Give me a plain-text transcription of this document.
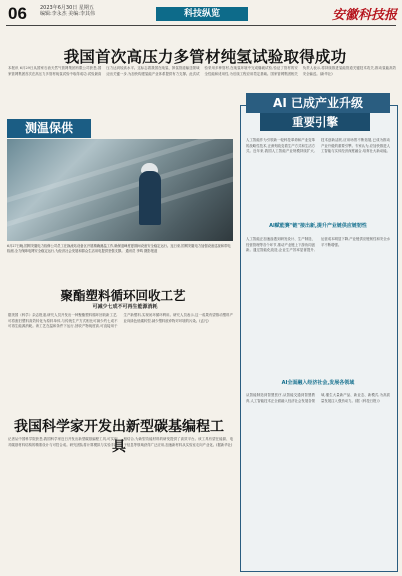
06	2023年6月30日 星期五
编辑:李永杰 美编:李其伟	科技纵览	安徽科技报
我国首次高压力多管材纯氢试验取得成功
本报讯 6月29日从国家石油天然气管网集团有限公司获悉,国家管网集团首次在高压力多管材纯氢试验中取得成功,试验最高压力达到较高水平。这标志着我国在纯氢、掺氢管道输送领域迈出关键一步,为加快构建氢能产业体系提供有力支撑。此次试验采用多种管材,在纯氢环境中完成爆破试验,验证了管材的安全性能和适用性,为后续工程应用奠定基础。国家管网集团相关负责人表示,将持续推进氢能管道关键技术攻关,推动氢能高效安全输送。(新华社)
测温保供
6月27日晚,国网安徽电力检修公司员工在换流站设备区开展精确测温工作,确保迎峰度夏期间设备安全稳定运行。连日来,国网安徽电力加强设备巡视和带电检测,全力保障电网安全稳定运行,为经济社会发展和群众生活用电提供坚强支撑。 通讯员 李鸣 摄影报道
聚酯塑料循环回收工艺
可减少七成不可再生能源消耗
据美国《科学》杂志报道,研究人员开发出一种聚酯塑料循环回收新工艺,可将废旧塑料高效转化为原料单体,与传统生产方式相比可减少约七成不可再生能源消耗。该工艺在温和条件下运行,回收产物纯度高,可直接用于生产新塑料,实现闭环循环利用。研究人员表示,这一成果有望推动塑料产业向绿色低碳转型,减少塑料废弃物对环境的污染。(孟凡)
我国科学家开发出新型碳基编程工具
记者从中国科学院获悉,我国科学家近日开发出新型碳基编程工具,可实现对碳基材料结构的精准设计与可控合成。研究团队将计算模拟与实验手段相结合,为新型功能材料的研发提供了高效平台。该工具有望在能源、电子信息等领域获得广泛应用,加速新材料从实验室走向产业化。(据新华社)
AI 已成产业升级
重要引擎
人工智能作为引领新一轮科技革命和产业变革的战略性技术,正深刻改变着生产方式和生活方式。近年来,我国人工智能产业规模持续扩大,技术创新活跃,应用场景不断拓展,已成为推动产业升级的重要引擎。专家认为,应加快推进人工智能与实体经济深度融合,培育壮大新动能。
AI赋能赛"链"接出新,提升产业链供应链韧性
人工智能正加速渗透到研发设计、生产制造、经营管理等各个环节,推动产业链上下游协同创新。通过智能化改造,企业生产效率显著提升,运营成本明显下降,产业链供应链韧性和安全水平不断增强。
AI全面融入经济社会,发展各领域
从智能制造到智慧医疗,从智能交通到智慧教育,人工智能技术正全面融入经济社会发展各领域,催生大量新产品、新业态、新模式,为高质量发展注入强劲动力。(据《科技日报》)
